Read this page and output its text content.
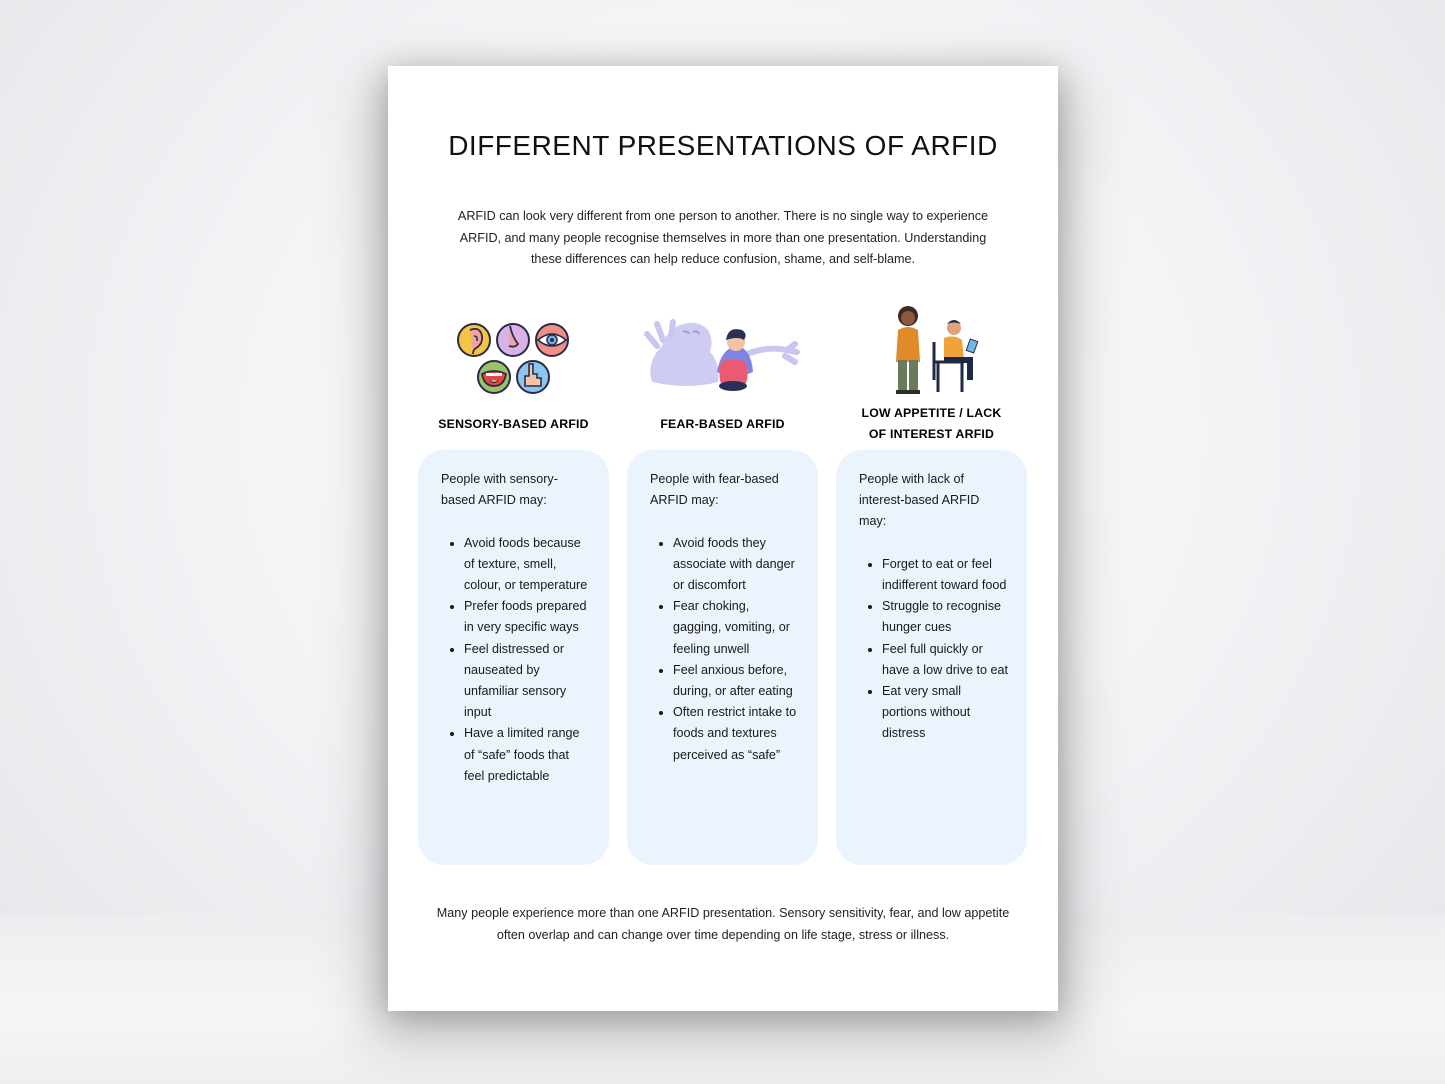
DIFFERENT PRESENTATIONS OF ARFID
ARFID can look very different from one person to another. There is no single way to experience ARFID, and many people recognise themselves in more than one presentation. Understanding these differences can help reduce confusion, shame, and self-blame.
SENSORY-BASED ARFID	FEAR-BASED ARFID
LOW APPETITE / LACK OF INTEREST ARFID

People with sensory-based ARFID may:

• Avoid foods because of texture, smell, colour, or temperature
• Prefer foods prepared in very specific ways
• Feel distressed or nauseated by unfamiliar sensory input
• Have a limited range of “safe” foods that feel predictable

People with fear-based ARFID may:

• Avoid foods they associate with danger or discomfort
• Fear choking, gagging, vomiting, or feeling unwell
• Feel anxious before, during, or after eating
• Often restrict intake to foods and textures perceived as “safe”

People with lack of interest-based ARFID may:

• Forget to eat or feel indifferent toward food
• Struggle to recognise hunger cues
• Feel full quickly or have a low drive to eat
• Eat very small portions without distress
Many people experience more than one ARFID presentation. Sensory sensitivity, fear, and low appetite often overlap and can change over time depending on life stage, stress or illness.
